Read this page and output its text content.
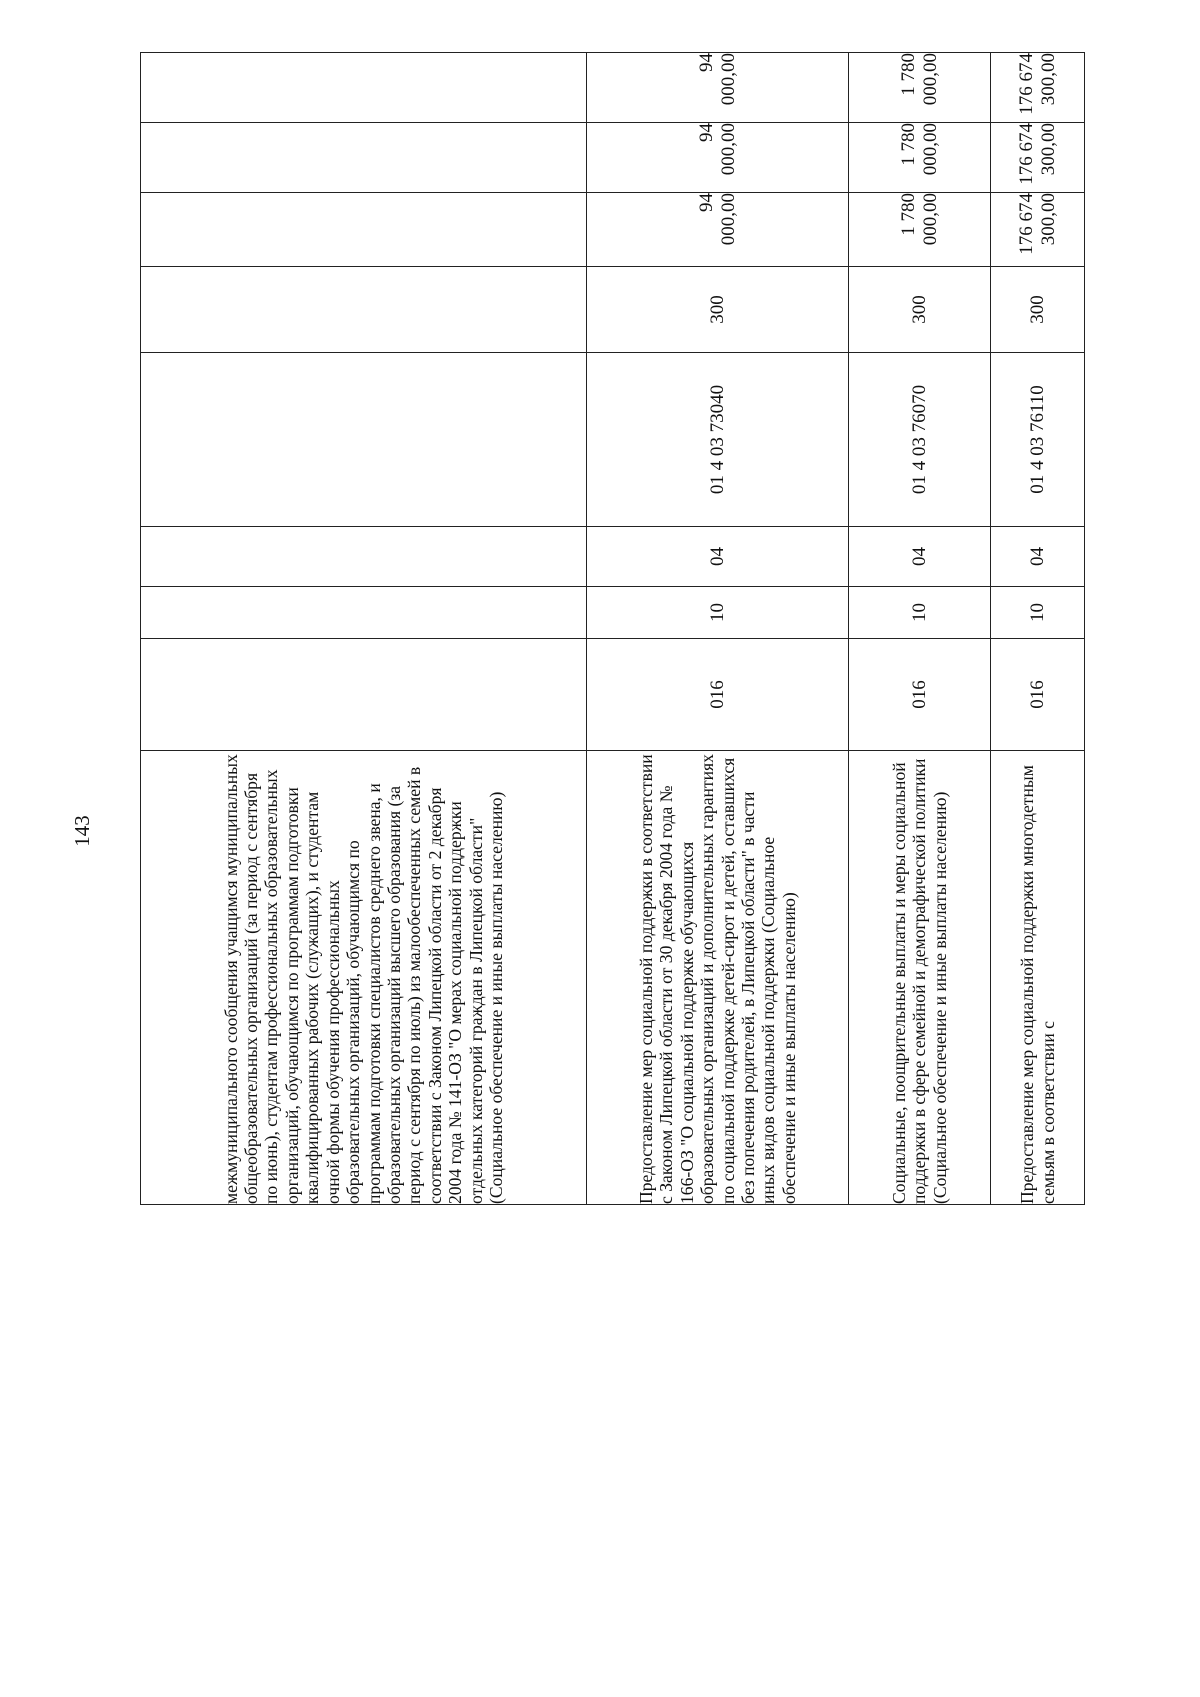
143	межмуниципального сообщения учащимся муниципальных общеобразовательных организаций (за период с сентября по июнь), студентам профессиональных образовательных организаций, обучающимся по программам подготовки квалифицированных рабочих (служащих), и студентам очной формы обучения профессиональных образовательных организаций, обучающимся по программам подготовки специалистов среднего звена, и образовательных организаций высшего образования (за период с сентября по июль) из малообеспеченных семей в соответствии с Законом Липецкой области от 2 декабря 2004 года № 141-ОЗ "О мерах социальной поддержки отдельных категорий граждан в Липецкой области" (Социальное обеспечение и иные выплаты населению)								
Предоставление мер социальной поддержки в соответствии с Законом Липецкой области от 30 декабря 2004 года № 166-ОЗ "О социальной поддержке обучающихся образовательных организаций и дополнительных гарантиях по социальной поддержке детей-сирот и детей, оставшихся без попечения родителей, в Липецкой области" в части иных видов социальной поддержки (Социальное обеспечение и иные выплаты населению)	016	10	04	01 4 03 73040	300	94 000,00	94 000,00	94 000,00
Социальные, поощрительные выплаты и меры социальной поддержки в сфере семейной и демографической политики (Социальное обеспечение и иные выплаты населению)	016	10	04	01 4 03 76070	300	1 780 000,00	1 780 000,00	1 780 000,00
Предоставление мер социальной поддержки многодетным семьям в соответствии с	016	10	04	01 4 03 76110	300	176 674 300,00	176 674 300,00	176 674 300,00
